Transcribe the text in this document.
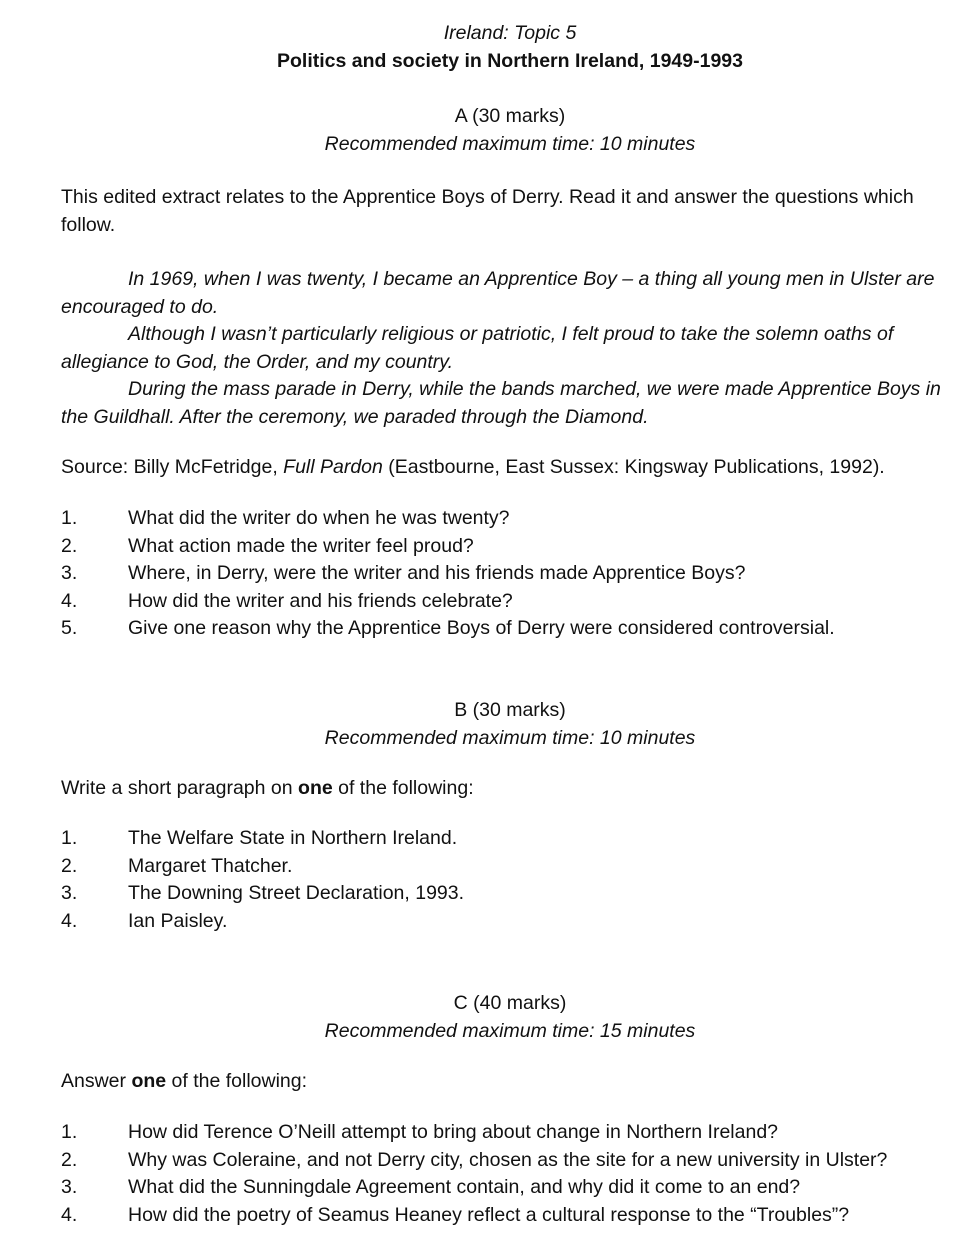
Ireland: Topic 5
Politics and society in Northern Ireland, 1949-1993
A (30 marks)
Recommended maximum time: 10 minutes
This edited extract relates to the Apprentice Boys of Derry. Read it and answer the questions which follow.

In 1969, when I was twenty, I became an Apprentice Boy – a thing all young men in Ulster are encouraged to do.

Although I wasn’t particularly religious or patriotic, I felt proud to take the solemn oaths of allegiance to God, the Order, and my country.

During the mass parade in Derry, while the bands marched, we were made Apprentice Boys in the Guildhall. After the ceremony, we paraded through the Diamond.

Source: Billy McFetridge, Full Pardon (Eastbourne, East Sussex: Kingsway Publications, 1992).
1.	What did the writer do when he was twenty?
2.	What action made the writer feel proud?
3.	Where, in Derry, were the writer and his friends made Apprentice Boys?
4.	How did the writer and his friends celebrate?
5.	Give one reason why the Apprentice Boys of Derry were considered controversial.
B (30 marks)
Recommended maximum time: 10 minutes
Write a short paragraph on one of the following:
1.	The Welfare State in Northern Ireland.
2.	Margaret Thatcher.
3.	The Downing Street Declaration, 1993.
4.	Ian Paisley.
C (40 marks)
Recommended maximum time: 15 minutes
Answer one of the following:
1.	How did Terence O’Neill attempt to bring about change in Northern Ireland?
2.	Why was Coleraine, and not Derry city, chosen as the site for a new university in Ulster?
3.	What did the Sunningdale Agreement contain, and why did it come to an end?
4.	How did the poetry of Seamus Heaney reflect a cultural response to the “Troubles”?
